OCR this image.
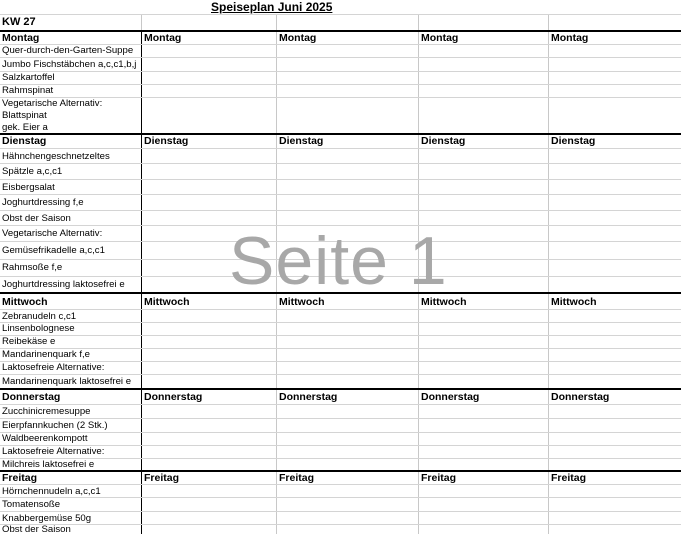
Speiseplan Juni 2025
KW 27
Montag	Montag	Montag	Montag	Montag
Quer-durch-den-Garten-Suppe
Jumbo Fischstäbchen a,c,c1,b,j
Salzkartoffel
Rahmspinat
Vegetarische Alternativ:
Blattspinat
gek. Eier a
Dienstag	Dienstag	Dienstag	Dienstag	Dienstag
Hähnchengeschnetzeltes
Spätzle a,c,c1
Eisbergsalat
Joghurtdressing f,e
Obst der Saison
Vegetarische Alternativ:
Gemüsefrikadelle a,c,c1
Rahmsoße f,e
Joghurtdressing laktosefrei e
Mittwoch	Mittwoch	Mittwoch	Mittwoch	Mittwoch
Zebranudeln c,c1
Linsenbolognese
Reibekäse e
Mandarinenquark f,e
Laktosefreie Alternative:
Mandarinenquark laktosefrei e
Donnerstag	Donnerstag	Donnerstag	Donnerstag	Donnerstag
Zucchinicremesuppe
Eierpfannkuchen (2 Stk.)
Waldbeerenkompott
Laktosefreie Alternative:
Milchreis laktosefrei e
Freitag	Freitag	Freitag	Freitag	Freitag
Hörnchennudeln a,c,c1
Tomatensoße
Knabbergemüse 50g
Obst der Saison
Seite 1
